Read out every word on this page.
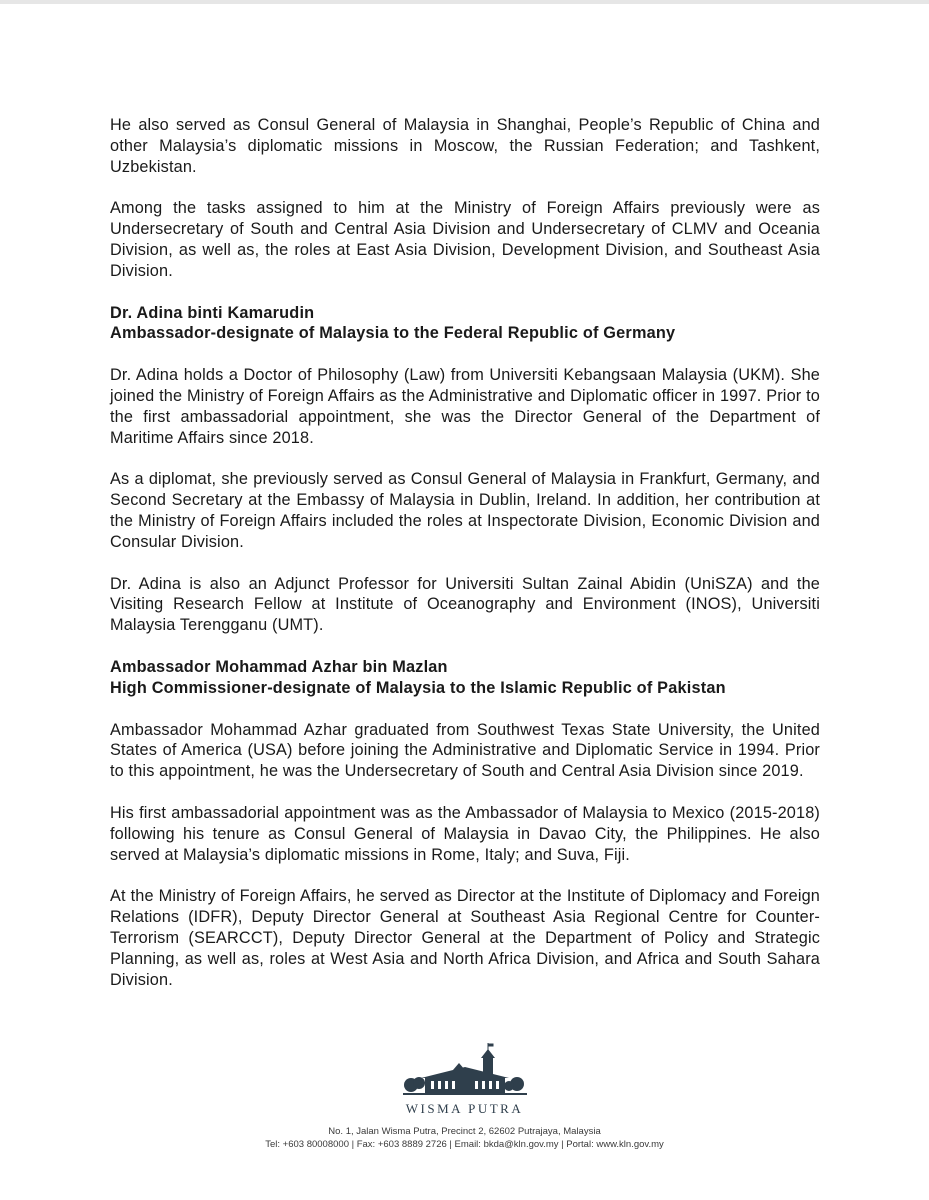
He also served as Consul General of Malaysia in Shanghai, People’s Republic of China and other Malaysia’s diplomatic missions in Moscow, the Russian Federation; and Tashkent, Uzbekistan.

Among the tasks assigned to him at the Ministry of Foreign Affairs previously were as Undersecretary of South and Central Asia Division and Undersecretary of CLMV and Oceania Division, as well as, the roles at East Asia Division, Development Division, and Southeast Asia Division.

Dr. Adina binti Kamarudin
Ambassador-designate of Malaysia to the Federal Republic of Germany

Dr. Adina holds a Doctor of Philosophy (Law) from Universiti Kebangsaan Malaysia (UKM). She joined the Ministry of Foreign Affairs as the Administrative and Diplomatic officer in 1997. Prior to the first ambassadorial appointment, she was the Director General of the Department of Maritime Affairs since 2018.

As a diplomat, she previously served as Consul General of Malaysia in Frankfurt, Germany, and Second Secretary at the Embassy of Malaysia in Dublin, Ireland. In addition, her contribution at the Ministry of Foreign Affairs included the roles at Inspectorate Division, Economic Division and Consular Division.

Dr. Adina is also an Adjunct Professor for Universiti Sultan Zainal Abidin (UniSZA) and the Visiting Research Fellow at Institute of Oceanography and Environment (INOS), Universiti Malaysia Terengganu (UMT).

Ambassador Mohammad Azhar bin Mazlan
High Commissioner-designate of Malaysia to the Islamic Republic of Pakistan

Ambassador Mohammad Azhar graduated from Southwest Texas State University, the United States of America (USA) before joining the Administrative and Diplomatic Service in 1994. Prior to this appointment, he was the Undersecretary of South and Central Asia Division since 2019.

His first ambassadorial appointment was as the Ambassador of Malaysia to Mexico (2015-2018) following his tenure as Consul General of Malaysia in Davao City, the Philippines. He also served at Malaysia’s diplomatic missions in Rome, Italy; and Suva, Fiji.

At the Ministry of Foreign Affairs, he served as Director at the Institute of Diplomacy and Foreign Relations (IDFR), Deputy Director General at Southeast Asia Regional Centre for Counter-Terrorism (SEARCCT), Deputy Director General at the Department of Policy and Strategic Planning, as well as, roles at West Asia and North Africa Division, and Africa and South Sahara Division.

WISMA PUTRA
No. 1, Jalan Wisma Putra, Precinct 2, 62602 Putrajaya, Malaysia
Tel: +603 80008000 | Fax: +603 8889 2726 | Email: bkda@kln.gov.my | Portal: www.kln.gov.my
